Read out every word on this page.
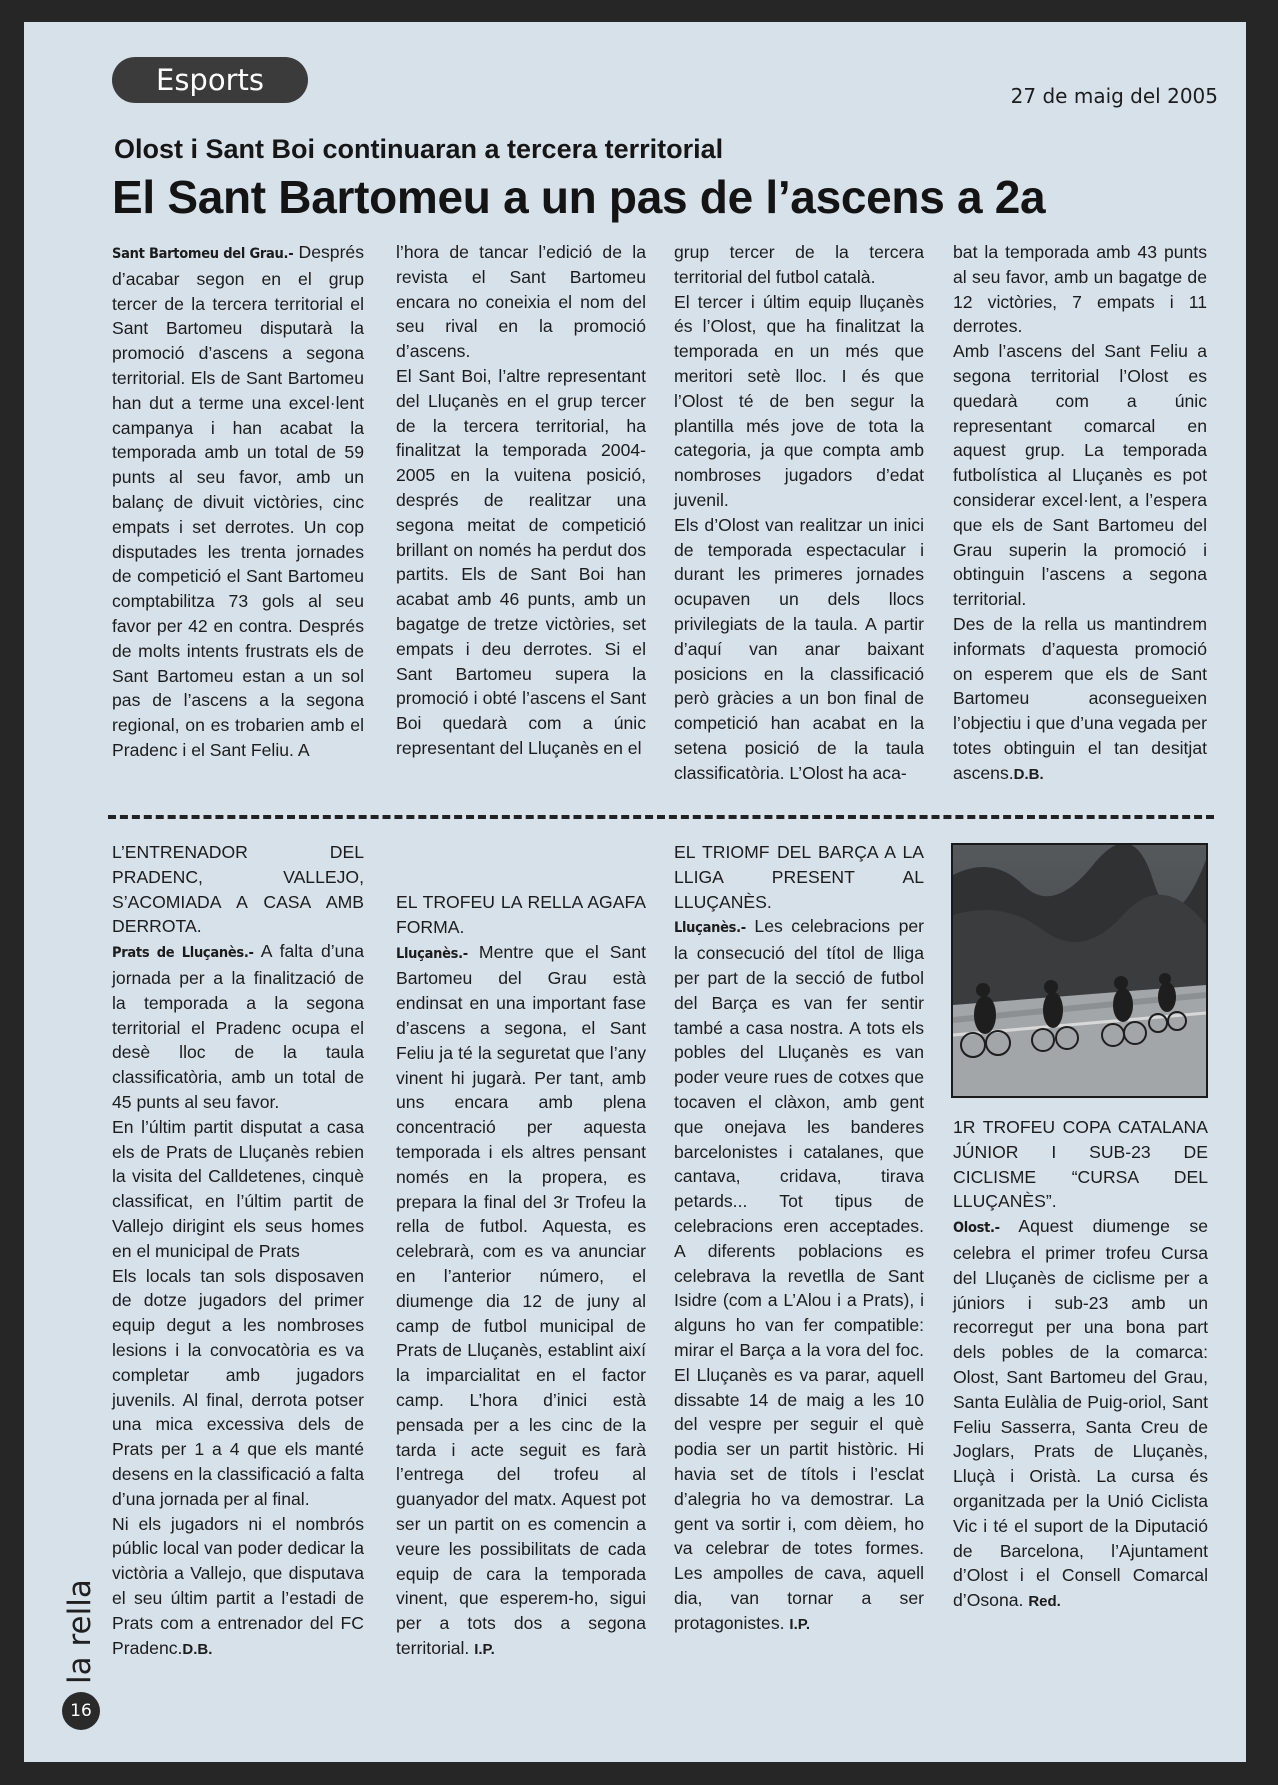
Esports	27 de maig del 2005
Olost i Sant Boi continuaran a tercera territorial
El Sant Bartomeu a un pas de l’ascens a 2a

Sant Bartomeu del Grau.- Després d’acabar segon en el grup tercer de la tercera territorial el Sant Bartomeu disputarà la promoció d’ascens a segona territorial. Els de Sant Bartomeu han dut a terme una excel·lent campanya i han acabat la temporada amb un total de 59 punts al seu favor, amb un balanç de divuit victòries, cinc empats i set derrotes. Un cop disputades les trenta jornades de competició el Sant Bartomeu comptabilitza 73 gols al seu favor per 42 en contra. Després de molts intents frustrats els de Sant Bartomeu estan a un sol pas de l’ascens a la segona regional, on es trobarien amb el Pradenc i el Sant Feliu. A

l’hora de tancar l’edició de la revista el Sant Bartomeu encara no coneixia el nom del seu rival en la promoció d’ascens.

El Sant Boi, l’altre representant del Lluçanès en el grup tercer de la tercera territorial, ha finalitzat la temporada 2004-2005 en la vuitena posició, després de realitzar una segona meitat de competició brillant on només ha perdut dos partits. Els de Sant Boi han acabat amb 46 punts, amb un bagatge de tretze victòries, set empats i deu derrotes. Si el Sant Bartomeu supera la promoció i obté l’ascens el Sant Boi quedarà com a únic representant del Lluçanès en el

grup tercer de la tercera territorial del futbol català.

El tercer i últim equip lluçanès és l’Olost, que ha finalitzat la temporada en un més que meritori setè lloc. I és que l’Olost té de ben segur la plantilla més jove de tota la categoria, ja que compta amb nombroses jugadors d’edat juvenil.

Els d’Olost van realitzar un inici de temporada espectacular i durant les primeres jornades ocupaven un dels llocs privilegiats de la taula. A partir d’aquí van anar baixant posicions en la classificació però gràcies a un bon final de competició han acabat en la setena posició de la taula classificatòria. L’Olost ha aca-

bat la temporada amb 43 punts al seu favor, amb un bagatge de 12 victòries, 7 empats i 11 derrotes.

Amb l’ascens del Sant Feliu a segona territorial l’Olost es quedarà com a únic representant comarcal en aquest grup. La temporada futbolística al Lluçanès es pot considerar excel·lent, a l’espera que els de Sant Bartomeu del Grau superin la promoció i obtinguin l’ascens a segona territorial.

Des de la rella us mantindrem informats d’aquesta promoció on esperem que els de Sant Bartomeu aconsegueixen l’objectiu i que d’una vegada per totes obtinguin el tan desitjat ascens.D.B.

L’ENTRENADOR DEL PRADENC, VALLEJO, S’ACOMIADA A CASA AMB DERROTA.

Prats de Lluçanès.- A falta d’una jornada per a la finalització de la temporada a la segona territorial el Pradenc ocupa el desè lloc de la taula classificatòria, amb un total de 45 punts al seu favor.

En l’últim partit disputat a casa els de Prats de Lluçanès rebien la visita del Calldetenes, cinquè classificat, en l’últim partit de Vallejo dirigint els seus homes en el municipal de Prats

Els locals tan sols disposaven de dotze jugadors del primer equip degut a les nombroses lesions i la convocatòria es va completar amb jugadors juvenils. Al final, derrota potser una mica excessiva dels de Prats per 1 a 4 que els manté desens en la classificació a falta d’una jornada per al final.

Ni els jugadors ni el nombrós públic local van poder dedicar la victòria a Vallejo, que disputava el seu últim partit a l’estadi de Prats com a entrenador del FC Pradenc.D.B.

EL TROFEU LA RELLA AGAFA FORMA.

Lluçanès.- Mentre que el Sant Bartomeu del Grau està endinsat en una important fase d’ascens a segona, el Sant Feliu ja té la seguretat que l’any vinent hi jugarà. Per tant, amb uns encara amb plena concentració per aquesta temporada i els altres pensant només en la propera, es prepara la final del 3r Trofeu la rella de futbol. Aquesta, es celebrarà, com es va anunciar en l’anterior número, el diumenge dia 12 de juny al camp de futbol municipal de Prats de Lluçanès, establint així la imparcialitat en el factor camp. L’hora d’inici està pensada per a les cinc de la tarda i acte seguit es farà l’entrega del trofeu al guanyador del matx. Aquest pot ser un partit on es comencin a veure les possibilitats de cada equip de cara la temporada vinent, que esperem-ho, sigui per a tots dos a segona territorial. I.P.

EL TRIOMF DEL BARÇA A LA LLIGA PRESENT AL LLUÇANÈS.

Lluçanès.- Les celebracions per la consecució del títol de lliga per part de la secció de futbol del Barça es van fer sentir també a casa nostra. A tots els pobles del Lluçanès es van poder veure rues de cotxes que tocaven el clàxon, amb gent que onejava les banderes barcelonistes i catalanes, que cantava, cridava, tirava petards... Tot tipus de celebracions eren acceptades. A diferents poblacions es celebrava la revetlla de Sant Isidre (com a L’Alou i a Prats), i alguns ho van fer compatible: mirar el Barça a la vora del foc. El Lluçanès es va parar, aquell dissabte 14 de maig a les 10 del vespre per seguir el què podia ser un partit històric. Hi havia set de títols i l’esclat d’alegria ho va demostrar. La gent va sortir i, com dèiem, ho va celebrar de totes formes. Les ampolles de cava, aquell dia, van tornar a ser protagonistes. I.P.

1R TROFEU COPA CATALANA JÚNIOR I SUB-23 DE CICLISME “CURSA DEL LLUÇANÈS”.

Olost.- Aquest diumenge se celebra el primer trofeu Cursa del Lluçanès de ciclisme per a júniors i sub-23 amb un recorregut per una bona part dels pobles de la comarca: Olost, Sant Bartomeu del Grau, Santa Eulàlia de Puig-oriol, Sant Feliu Sasserra, Santa Creu de Joglars, Prats de Lluçanès, Lluçà i Oristà. La cursa és organitzada per la Unió Ciclista Vic i té el suport de la Diputació de Barcelona, l’Ajuntament d’Olost i el Consell Comarcal d’Osona. Red.

la rella
16
